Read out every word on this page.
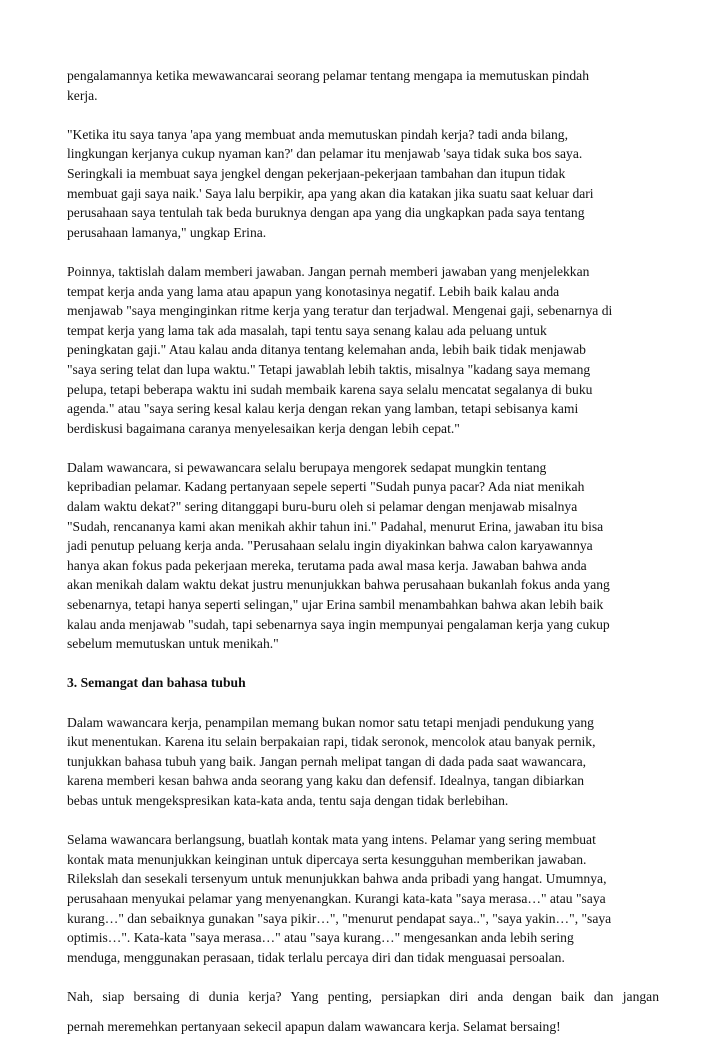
pengalamannya ketika mewawancarai seorang pelamar tentang mengapa ia memutuskan pindah
kerja.
"Ketika itu saya tanya 'apa yang membuat anda memutuskan pindah kerja? tadi anda bilang,
lingkungan kerjanya cukup nyaman kan?' dan pelamar itu menjawab 'saya tidak suka bos saya.
Seringkali ia membuat saya jengkel dengan pekerjaan-pekerjaan tambahan dan itupun tidak
membuat gaji saya naik.' Saya lalu berpikir, apa yang akan dia katakan jika suatu saat keluar dari
perusahaan saya tentulah tak beda buruknya dengan apa yang dia ungkapkan pada saya tentang
perusahaan lamanya," ungkap Erina.
Poinnya, taktislah dalam memberi jawaban. Jangan pernah memberi jawaban yang menjelekkan
tempat kerja anda yang lama atau apapun yang konotasinya negatif. Lebih baik kalau anda
menjawab "saya menginginkan ritme kerja yang teratur dan terjadwal. Mengenai gaji, sebenarnya di
tempat kerja yang lama tak ada masalah, tapi tentu saya senang kalau ada peluang untuk
peningkatan gaji." Atau kalau anda ditanya tentang kelemahan anda, lebih baik tidak menjawab
"saya sering telat dan lupa waktu." Tetapi jawablah lebih taktis, misalnya "kadang saya memang
pelupa, tetapi beberapa waktu ini sudah membaik karena saya selalu mencatat segalanya di buku
agenda." atau "saya sering kesal kalau kerja dengan rekan yang lamban, tetapi sebisanya kami
berdiskusi bagaimana caranya menyelesaikan kerja dengan lebih cepat."
Dalam wawancara, si pewawancara selalu berupaya mengorek sedapat mungkin tentang
kepribadian pelamar. Kadang pertanyaan sepele seperti "Sudah punya pacar? Ada niat menikah
dalam waktu dekat?" sering ditanggapi buru-buru oleh si pelamar dengan menjawab misalnya
"Sudah, rencananya kami akan menikah akhir tahun ini." Padahal, menurut Erina, jawaban itu bisa
jadi penutup peluang kerja anda. "Perusahaan selalu ingin diyakinkan bahwa calon karyawannya
hanya akan fokus pada pekerjaan mereka, terutama pada awal masa kerja. Jawaban bahwa anda
akan menikah dalam waktu dekat justru menunjukkan bahwa perusahaan bukanlah fokus anda yang
sebenarnya, tetapi hanya seperti selingan," ujar Erina sambil menambahkan bahwa akan lebih baik
kalau anda menjawab "sudah, tapi sebenarnya saya ingin mempunyai pengalaman kerja yang cukup
sebelum memutuskan untuk menikah."
3. Semangat dan bahasa tubuh
Dalam wawancara kerja, penampilan memang bukan nomor satu tetapi menjadi pendukung yang
ikut menentukan. Karena itu selain berpakaian rapi, tidak seronok, mencolok atau banyak pernik,
tunjukkan bahasa tubuh yang baik. Jangan pernah melipat tangan di dada pada saat wawancara,
karena memberi kesan bahwa anda seorang yang kaku dan defensif. Idealnya, tangan dibiarkan
bebas untuk mengekspresikan kata-kata anda, tentu saja dengan tidak berlebihan.
Selama wawancara berlangsung, buatlah kontak mata yang intens. Pelamar yang sering membuat
kontak mata menunjukkan keinginan untuk dipercaya serta kesungguhan memberikan jawaban.
Rilekslah dan sesekali tersenyum untuk menunjukkan bahwa anda pribadi yang hangat. Umumnya,
perusahaan menyukai pelamar yang menyenangkan. Kurangi kata-kata "saya merasa…" atau "saya
kurang…" dan sebaiknya gunakan "saya pikir…", "menurut pendapat saya..", "saya yakin…", "saya
optimis…". Kata-kata "saya merasa…" atau "saya kurang…" mengesankan anda lebih sering
menduga, menggunakan perasaan, tidak terlalu percaya diri dan tidak menguasai persoalan.
Nah, siap bersaing di dunia kerja? Yang penting, persiapkan diri anda dengan baik dan jangan
pernah meremehkan pertanyaan sekecil apapun dalam wawancara kerja. Selamat bersaing!
